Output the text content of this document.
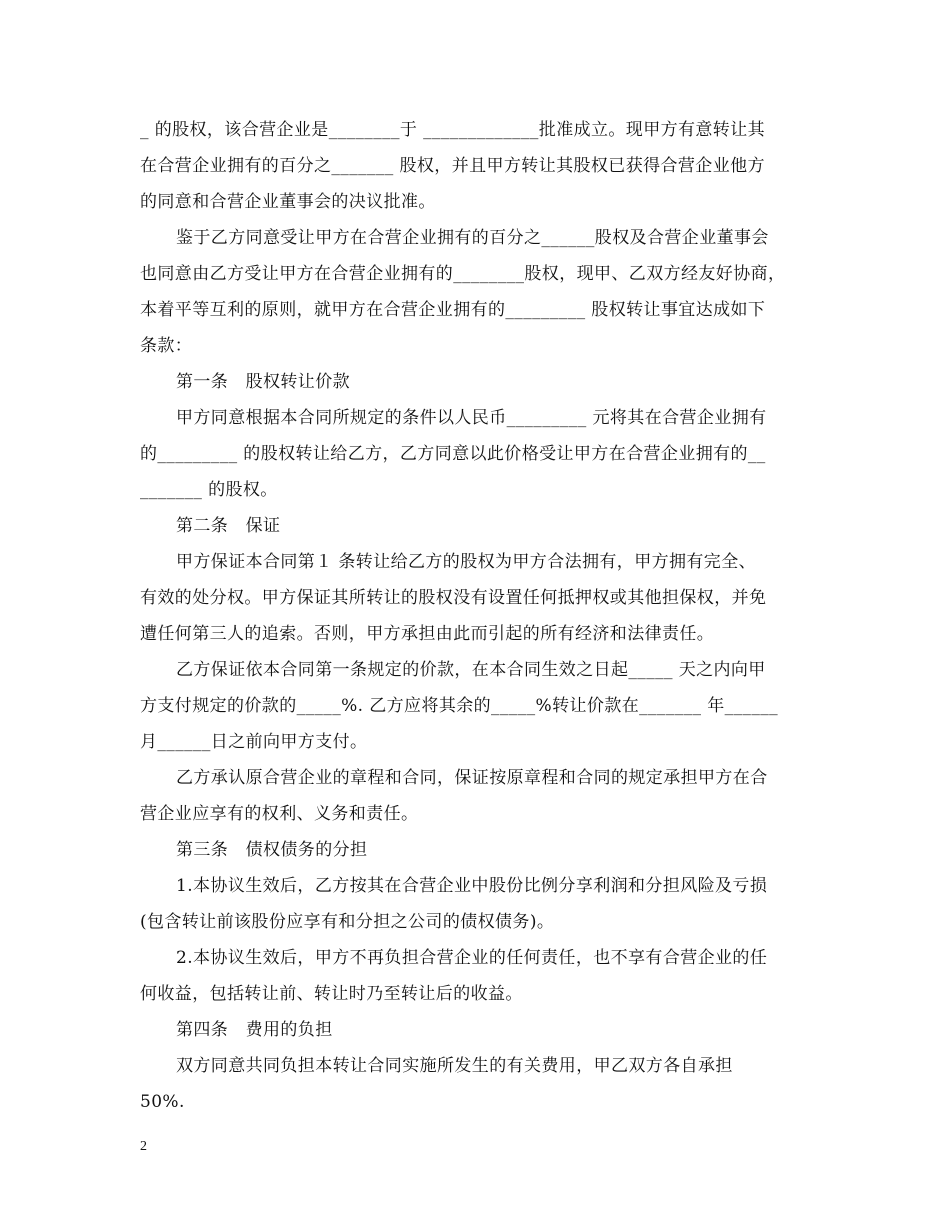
_ 的股权，该合营企业是________于 _____________批准成立。现甲方有意转让其
在合营企业拥有的百分之_______ 股权，并且甲方转让其股权已获得合营企业他方
的同意和合营企业董事会的决议批准。
鉴于乙方同意受让甲方在合营企业拥有的百分之______股权及合营企业董事会
也同意由乙方受让甲方在合营企业拥有的________股权，现甲、乙双方经友好协商，
本着平等互利的原则，就甲方在合营企业拥有的_________ 股权转让事宜达成如下
条款：
第一条　股权转让价款
甲方同意根据本合同所规定的条件以人民币_________ 元将其在合营企业拥有
的_________ 的股权转让给乙方，乙方同意以此价格受让甲方在合营企业拥有的__
_______ 的股权。
第二条　保证
甲方保证本合同第１ 条转让给乙方的股权为甲方合法拥有，甲方拥有完全、
有效的处分权。甲方保证其所转让的股权没有设置任何抵押权或其他担保权，并免
遭任何第三人的追索。否则，甲方承担由此而引起的所有经济和法律责任。
乙方保证依本合同第一条规定的价款，在本合同生效之日起_____ 天之内向甲
方支付规定的价款的_____%. 乙方应将其余的_____%转让价款在_______ 年______
月______日之前向甲方支付。
乙方承认原合营企业的章程和合同，保证按原章程和合同的规定承担甲方在合
营企业应享有的权利、义务和责任。
第三条　债权债务的分担
1.本协议生效后，乙方按其在合营企业中股份比例分享利润和分担风险及亏损
(包含转让前该股份应享有和分担之公司的债权债务)。
2.本协议生效后，甲方不再负担合营企业的任何责任，也不享有合营企业的任
何收益，包括转让前、转让时乃至转让后的收益。
第四条　费用的负担
双方同意共同负担本转让合同实施所发生的有关费用，甲乙双方各自承担
50%.
2
